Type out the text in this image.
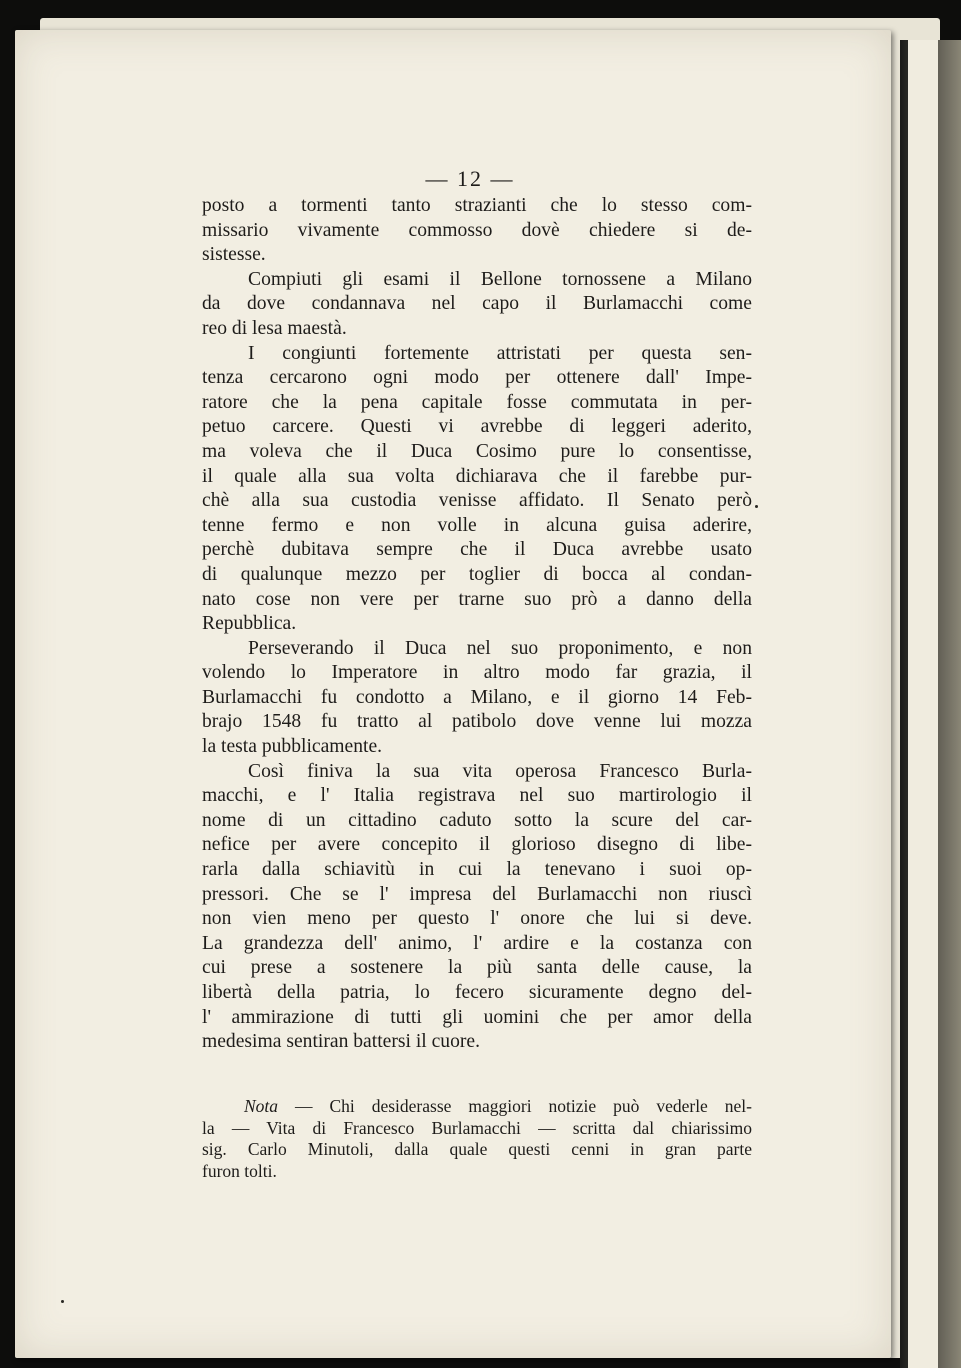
— 12 —
posto a tormenti tanto strazianti che lo stesso com-
missario vivamente commosso dovè chiedere si de-
sistesse.
Compiuti gli esami il Bellone tornossene a Milano
da dove condannava nel capo il Burlamacchi come
reo di lesa maestà.
I congiunti fortemente attristati per questa sen-
tenza cercarono ogni modo per ottenere dall' Impe-
ratore che la pena capitale fosse commutata in per-
petuo carcere. Questi vi avrebbe di leggeri aderito,
ma voleva che il Duca Cosimo pure lo consentisse,
il quale alla sua volta dichiarava che il farebbe pur-
chè alla sua custodia venisse affidato. Il Senato però
tenne fermo e non volle in alcuna guisa aderire,
perchè dubitava sempre che il Duca avrebbe usato
di qualunque mezzo per toglier di bocca al condan-
nato cose non vere per trarne suo prò a danno della
Repubblica.
Perseverando il Duca nel suo proponimento, e non
volendo lo Imperatore in altro modo far grazia, il
Burlamacchi fu condotto a Milano, e il giorno 14 Feb-
brajo 1548 fu tratto al patibolo dove venne lui mozza
la testa pubblicamente.
Così finiva la sua vita operosa Francesco Burla-
macchi, e l' Italia registrava nel suo martirologio il
nome di un cittadino caduto sotto la scure del car-
nefice per avere concepito il glorioso disegno di libe-
rarla dalla schiavitù in cui la tenevano i suoi op-
pressori. Che se l' impresa del Burlamacchi non riuscì
non vien meno per questo l' onore che lui si deve.
La grandezza dell' animo, l' ardire e la costanza con
cui prese a sostenere la più santa delle cause, la
libertà della patria, lo fecero sicuramente degno del-
l' ammirazione di tutti gli uomini che per amor della
medesima sentiran battersi il cuore.
Nota — Chi desiderasse maggiori notizie può vederle nel-
la — Vita di Francesco Burlamacchi — scritta dal chiarissimo
sig. Carlo Minutoli, dalla quale questi cenni in gran parte
furon tolti.
